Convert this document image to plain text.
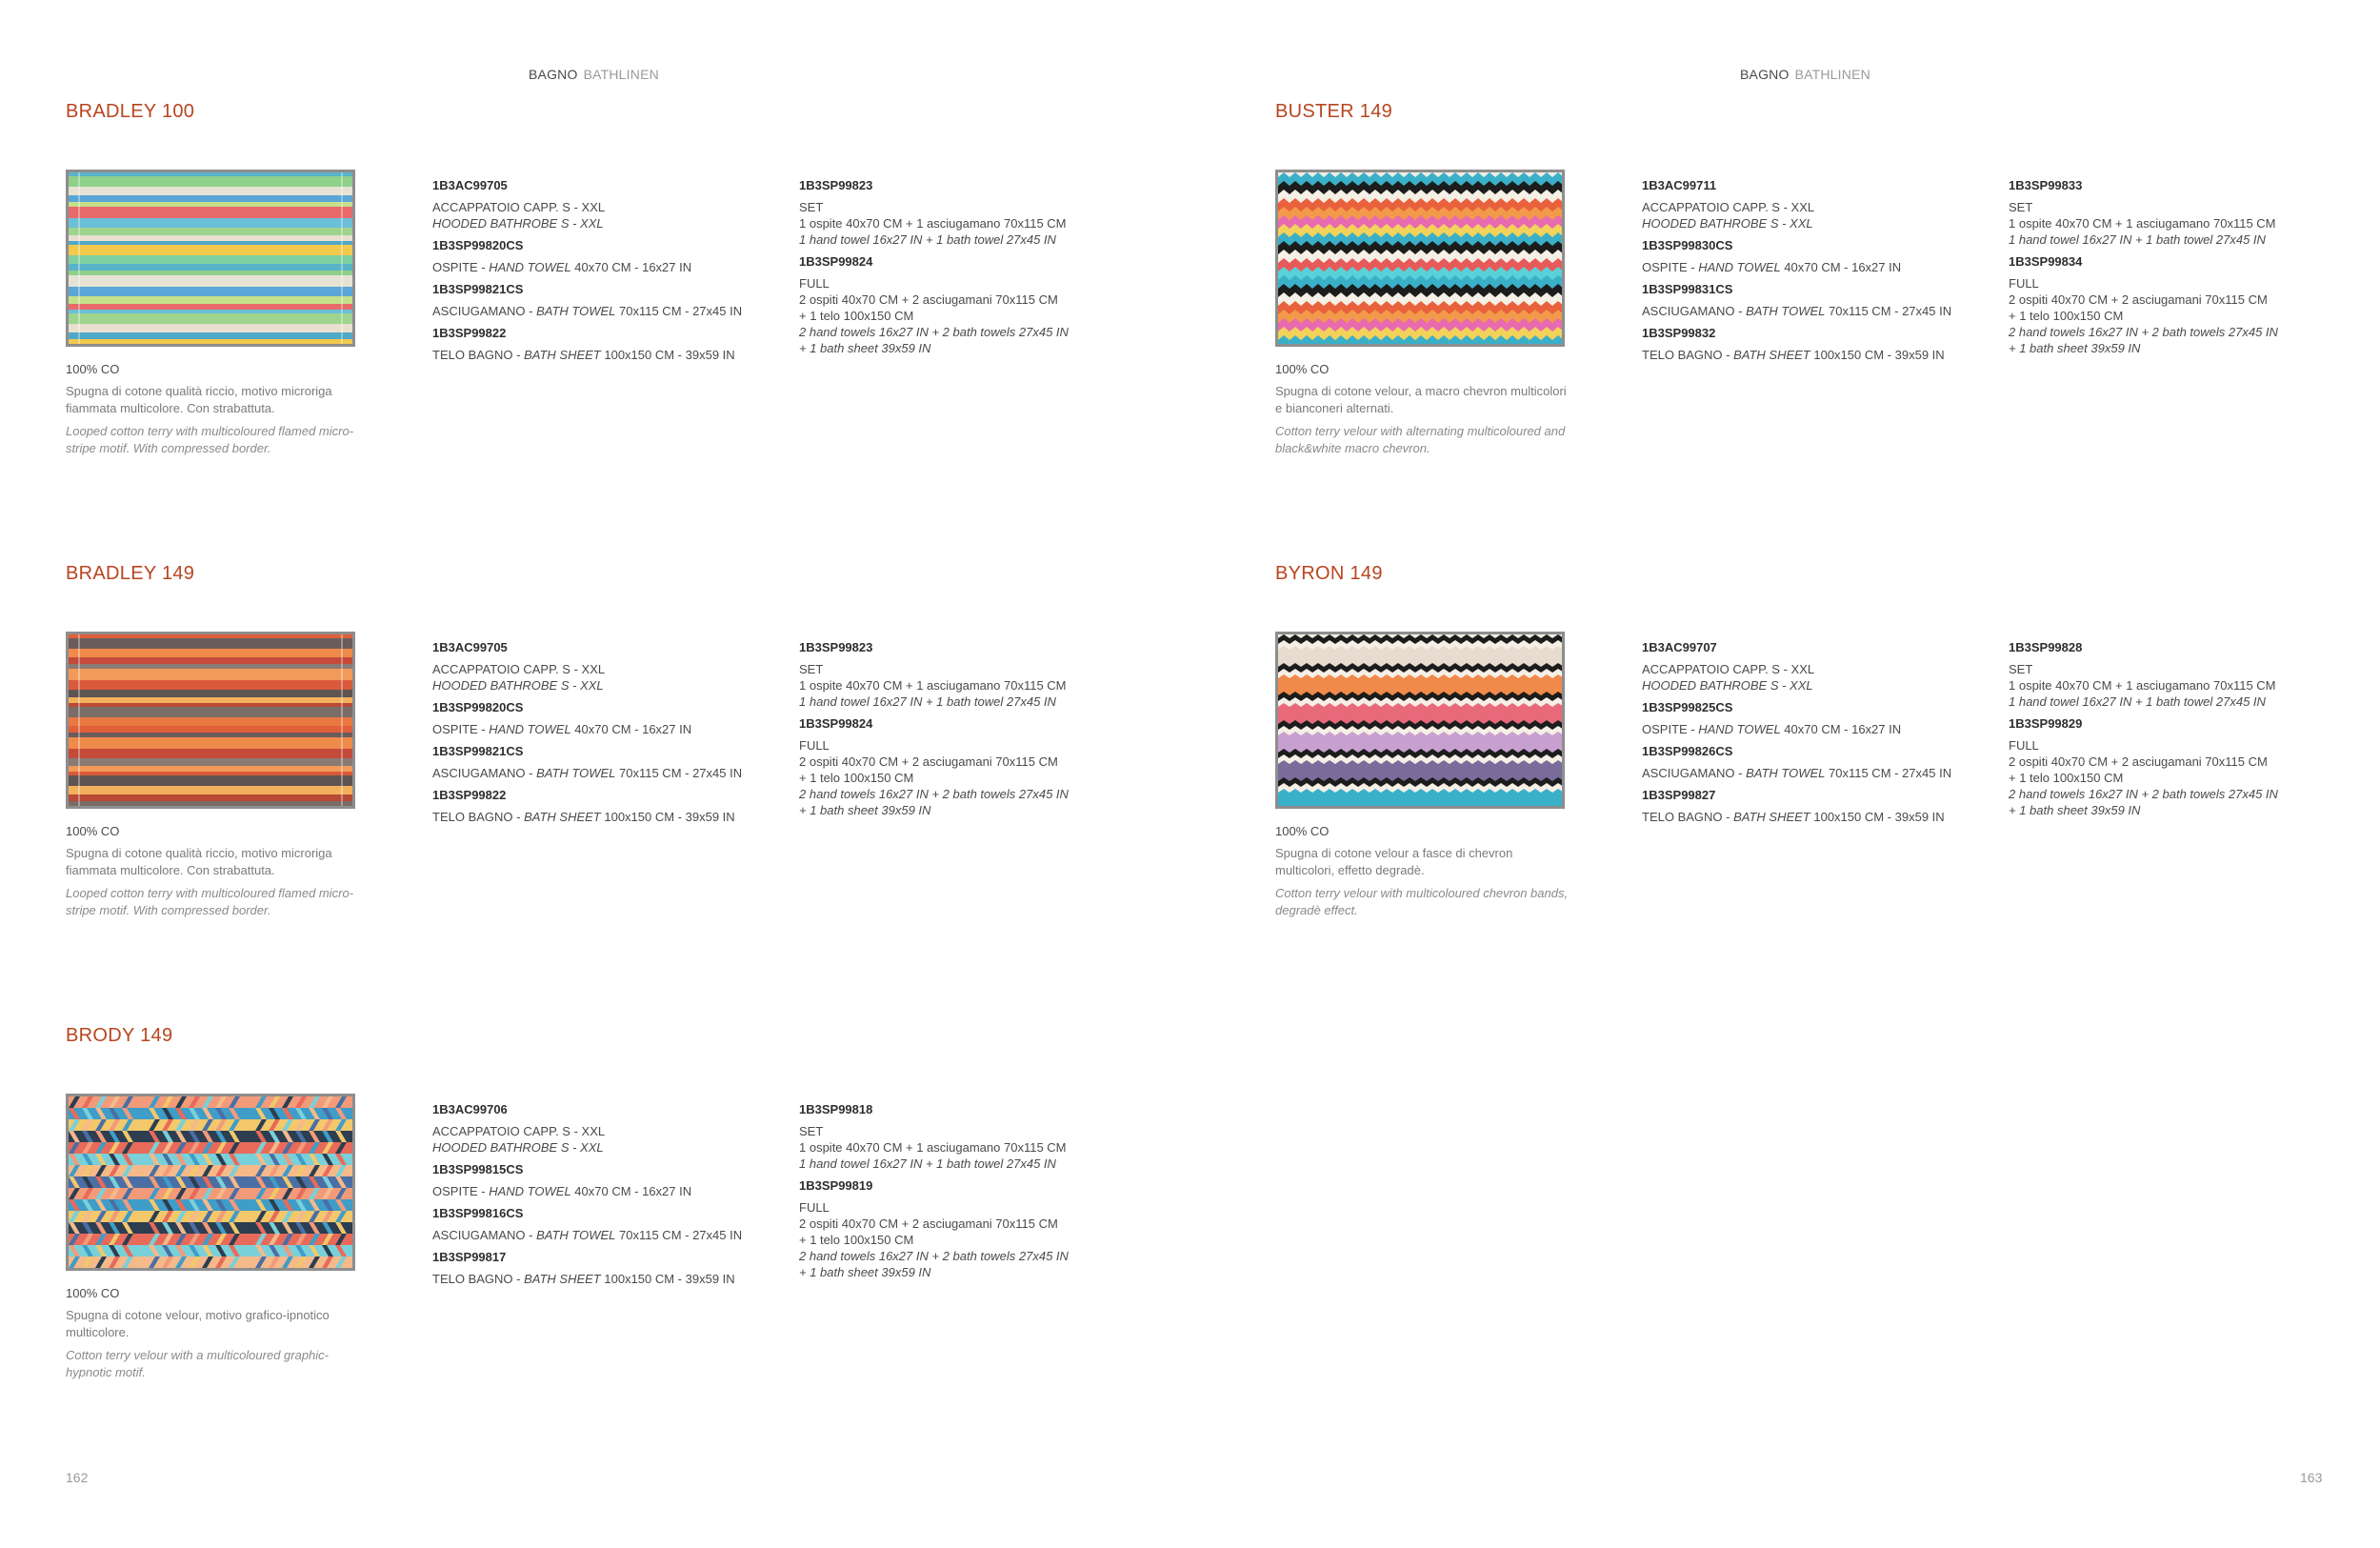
BAGNO BATHLINEN	BAGNO BATHLINEN
BRADLEY 100
100% CO
Spugna di cotone qualità riccio, motivo microriga fiammata multicolore. Con strabattuta.
Looped cotton terry with multicoloured flamed micro-stripe motif. With compressed border.
1B3AC99705
ACCAPPATOIO CAPP. S - XXL
HOODED BATHROBE S - XXL
1B3SP99820CS
OSPITE - HAND TOWEL 40x70 CM - 16x27 IN
1B3SP99821CS
ASCIUGAMANO - BATH TOWEL 70x115 CM - 27x45 IN
1B3SP99822
TELO BAGNO - BATH SHEET 100x150 CM - 39x59 IN
1B3SP99823
SET
1 ospite 40x70 CM + 1 asciugamano 70x115 CM
1 hand towel 16x27 IN + 1 bath towel 27x45 IN
1B3SP99824
FULL
2 ospiti 40x70 CM + 2 asciugamani 70x115 CM
+ 1 telo 100x150 CM
2 hand towels 16x27 IN + 2 bath towels 27x45 IN
+ 1 bath sheet 39x59 IN
BRADLEY 149
100% CO
Spugna di cotone qualità riccio, motivo microriga fiammata multicolore. Con strabattuta.
Looped cotton terry with multicoloured flamed micro-stripe motif. With compressed border.
1B3AC99705
ACCAPPATOIO CAPP. S - XXL
HOODED BATHROBE S - XXL
1B3SP99820CS
OSPITE - HAND TOWEL 40x70 CM - 16x27 IN
1B3SP99821CS
ASCIUGAMANO - BATH TOWEL 70x115 CM - 27x45 IN
1B3SP99822
TELO BAGNO - BATH SHEET 100x150 CM - 39x59 IN
1B3SP99823
SET
1 ospite 40x70 CM + 1 asciugamano 70x115 CM
1 hand towel 16x27 IN + 1 bath towel 27x45 IN
1B3SP99824
FULL
2 ospiti 40x70 CM + 2 asciugamani 70x115 CM
+ 1 telo 100x150 CM
2 hand towels 16x27 IN + 2 bath towels 27x45 IN
+ 1 bath sheet 39x59 IN
BRODY 149
100% CO
Spugna di cotone velour, motivo grafico-ipnotico multicolore.
Cotton terry velour with a multicoloured graphic-hypnotic motif.
1B3AC99706
ACCAPPATOIO CAPP. S - XXL
HOODED BATHROBE S - XXL
1B3SP99815CS
OSPITE - HAND TOWEL 40x70 CM - 16x27 IN
1B3SP99816CS
ASCIUGAMANO - BATH TOWEL 70x115 CM - 27x45 IN
1B3SP99817
TELO BAGNO - BATH SHEET 100x150 CM - 39x59 IN
1B3SP99818
SET
1 ospite 40x70 CM + 1 asciugamano 70x115 CM
1 hand towel 16x27 IN + 1 bath towel 27x45 IN
1B3SP99819
FULL
2 ospiti 40x70 CM + 2 asciugamani 70x115 CM
+ 1 telo 100x150 CM
2 hand towels 16x27 IN + 2 bath towels 27x45 IN
+ 1 bath sheet 39x59 IN
BUSTER 149
100% CO
Spugna di cotone velour, a macro chevron multicolori e bianconeri alternati.
Cotton terry velour with alternating multicoloured and black&white macro chevron.
1B3AC99711
ACCAPPATOIO CAPP. S - XXL
HOODED BATHROBE S - XXL
1B3SP99830CS
OSPITE - HAND TOWEL 40x70 CM - 16x27 IN
1B3SP99831CS
ASCIUGAMANO - BATH TOWEL 70x115 CM - 27x45 IN
1B3SP99832
TELO BAGNO - BATH SHEET 100x150 CM - 39x59 IN
1B3SP99833
SET
1 ospite 40x70 CM + 1 asciugamano 70x115 CM
1 hand towel 16x27 IN + 1 bath towel 27x45 IN
1B3SP99834
FULL
2 ospiti 40x70 CM + 2 asciugamani 70x115 CM
+ 1 telo 100x150 CM
2 hand towels 16x27 IN + 2 bath towels 27x45 IN
+ 1 bath sheet 39x59 IN
BYRON 149
100% CO
Spugna di cotone velour a fasce di chevron multicolori, effetto degradè.
Cotton terry velour with multicoloured chevron bands, degradè effect.
1B3AC99707
ACCAPPATOIO CAPP. S - XXL
HOODED BATHROBE S - XXL
1B3SP99825CS
OSPITE - HAND TOWEL 40x70 CM - 16x27 IN
1B3SP99826CS
ASCIUGAMANO - BATH TOWEL 70x115 CM - 27x45 IN
1B3SP99827
TELO BAGNO - BATH SHEET 100x150 CM - 39x59 IN
1B3SP99828
SET
1 ospite 40x70 CM + 1 asciugamano 70x115 CM
1 hand towel 16x27 IN + 1 bath towel 27x45 IN
1B3SP99829
FULL
2 ospiti 40x70 CM + 2 asciugamani 70x115 CM
+ 1 telo 100x150 CM
2 hand towels 16x27 IN + 2 bath towels 27x45 IN
+ 1 bath sheet 39x59 IN
162	163
